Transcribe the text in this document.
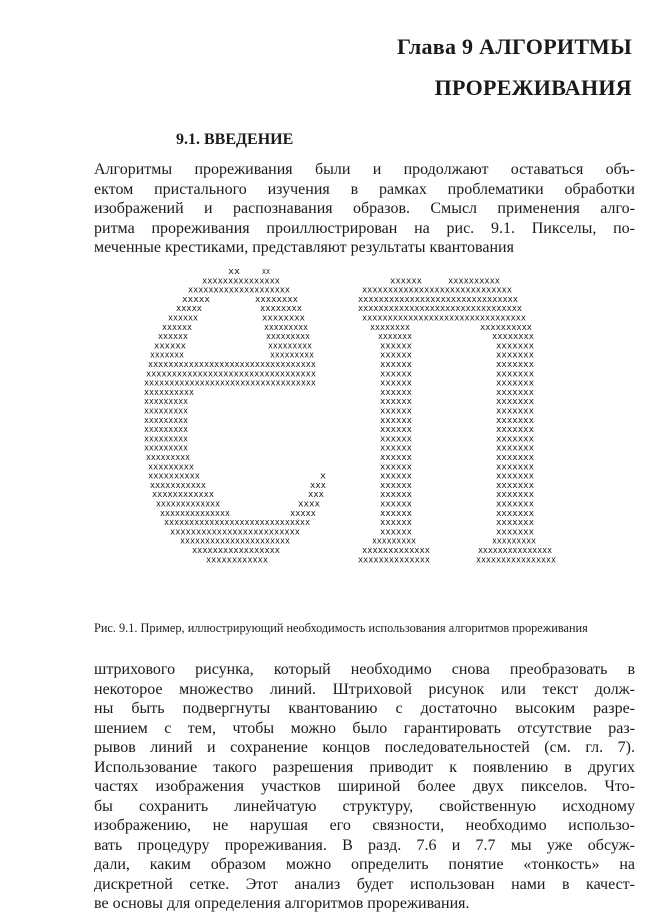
Глава 9 АЛГОРИТМЫ
ПРОРЕЖИВАНИЯ
9.1. ВВЕДЕНИЕ
Алгоритмы прореживания были и продолжают оставаться объ-
ектом пристального изучения в рамках проблематики обработки
изображений и распознавания образов. Смысл применения алго-
ритма прореживания проиллюстрирован на рис. 9.1. Пикселы, по-
меченные крестиками, представляют результаты квантования
xx	xx
xxxxxxxxxxxxxxx	xxxxxx	xxxxxxxxxx
xxxxxxxxxxxxxxxxxxxx	xxxxxxxxxxxxxxxxxxxxxxxxxxxxx
xxxxx	xxxxxxxx	xxxxxxxxxxxxxxxxxxxxxxxxxxxxxxx
xxxxx	xxxxxxxx	xxxxxxxxxxxxxxxxxxxxxxxxxxxxxxxx
xxxxxx	xxxxxxxx	xxxxxxxxxxxxxxxxxxxxxxxxxxxxxxxx
xxxxxx	xxxxxxxxx	xxxxxxxx	xxxxxxxxxx
xxxxxx	xxxxxxxxx	xxxxxxx	xxxxxxxx
xxxxxx	xxxxxxxxx	xxxxxx	xxxxxxx
xxxxxxx	xxxxxxxxx	xxxxxx	xxxxxxx
xxxxxxxxxxxxxxxxxxxxxxxxxxxxxxxxx	xxxxxx	xxxxxxx
xxxxxxxxxxxxxxxxxxxxxxxxxxxxxxxxx	xxxxxx	xxxxxxx
xxxxxxxxxxxxxxxxxxxxxxxxxxxxxxxxxx	xxxxxx	xxxxxxx
xxxxxxxxxx	xxxxxx	xxxxxxx
xxxxxxxxx	xxxxxx	xxxxxxx
xxxxxxxxx	xxxxxx	xxxxxxx
xxxxxxxxx	xxxxxx	xxxxxxx
xxxxxxxxx	xxxxxx	xxxxxxx
xxxxxxxxx	xxxxxx	xxxxxxx
xxxxxxxxx	xxxxxx	xxxxxxx
xxxxxxxxx	xxxxxx	xxxxxxx
xxxxxxxxx	xxxxxx	xxxxxxx
xxxxxxxxxx	x	xxxxxx	xxxxxxx
xxxxxxxxxxx	xxx	xxxxxx	xxxxxxx
xxxxxxxxxxxx	xxx	xxxxxx	xxxxxxx
xxxxxxxxxxxxx	xxxx	xxxxxx	xxxxxxx
xxxxxxxxxxxxxx	xxxxx	xxxxxx	xxxxxxx
xxxxxxxxxxxxxxxxxxxxxxxxxxxxx	xxxxxx	xxxxxxx
xxxxxxxxxxxxxxxxxxxxxxxxx	xxxxxx	xxxxxxx
xxxxxxxxxxxxxxxxxxxxxx	xxxxxxxxx	xxxxxxxxx
xxxxxxxxxxxxxxxxx	xxxxxxxxxxxxx	xxxxxxxxxxxxxxx
xxxxxxxxxxxx	xxxxxxxxxxxxxx	xxxxxxxxxxxxxxxx
Рис. 9.1. Пример, иллюстрирующий необходимость использования алгоритмов прореживания
штрихового рисунка, который необходимо снова преобразовать в
некоторое множество линий. Штриховой рисунок или текст долж-
ны быть подвергнуты квантованию с достаточно высоким разре-
шением с тем, чтобы можно было гарантировать отсутствие раз-
рывов линий и сохранение концов последовательностей (см. гл. 7).
Использование такого разрешения приводит к появлению в других
частях изображения участков шириной более двух пикселов. Что-
бы сохранить линейчатую структуру, свойственную исходному
изображению, не нарушая его связности, необходимо использо-
вать процедуру прореживания. В разд. 7.6 и 7.7 мы уже обсуж-
дали, каким образом можно определить понятие «тонкость» на
дискретной сетке. Этот анализ будет использован нами в качест-
ве основы для определения алгоритмов прореживания.
